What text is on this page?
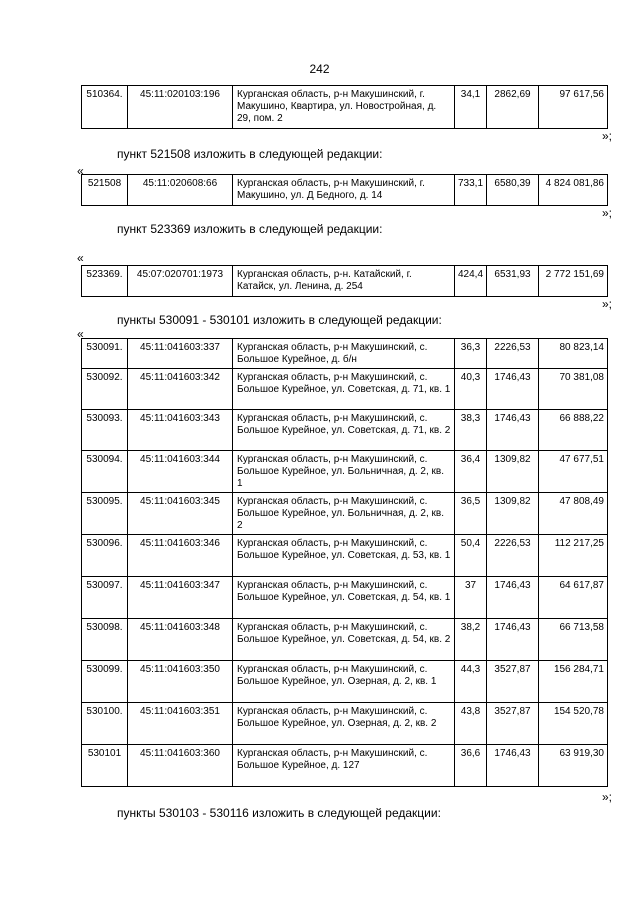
242
510364.	45:11:020103:196	Курганская область, р-н Макушинский, г. Макушино, Квартира, ул. Новостройная, д. 29, пом. 2	34,1	2862,69	97 617,56
»;
пункт 521508 изложить в следующей редакции:
«
521508	45:11:020608:66	Курганская область, р-н Макушинский, г. Макушино, ул. Д Бедного, д. 14	733,1	6580,39	4 824 081,86
»;
пункт 523369 изложить в следующей редакции:
«
523369.	45:07:020701:1973	Курганская область, р-н. Катайский, г. Катайск, ул. Ленина, д. 254	424,4	6531,93	2 772 151,69
»;
пункты 530091 - 530101 изложить в следующей редакции:
«
530091.	45:11:041603:337	Курганская область, р-н Макушинский, с. Большое Курейное, д. б/н	36,3	2226,53	80 823,14
530092.	45:11:041603:342	Курганская область, р-н Макушинский, с. Большое Курейное, ул. Советская, д. 71, кв. 1	40,3	1746,43	70 381,08
530093.	45:11:041603:343	Курганская область, р-н Макушинский, с. Большое Курейное, ул. Советская, д. 71, кв. 2	38,3	1746,43	66 888,22
530094.	45:11:041603:344	Курганская область, р-н Макушинский, с. Большое Курейное, ул. Больничная, д. 2, кв. 1	36,4	1309,82	47 677,51
530095.	45:11:041603:345	Курганская область, р-н Макушинский, с. Большое Курейное, ул. Больничная, д. 2, кв. 2	36,5	1309,82	47 808,49
530096.	45:11:041603:346	Курганская область, р-н Макушинский, с. Большое Курейное, ул. Советская, д. 53, кв. 1	50,4	2226,53	112 217,25
530097.	45:11:041603:347	Курганская область, р-н Макушинский, с. Большое Курейное, ул. Советская, д. 54, кв. 1	37	1746,43	64 617,87
530098.	45:11:041603:348	Курганская область, р-н Макушинский, с. Большое Курейное, ул. Советская, д. 54, кв. 2	38,2	1746,43	66 713,58
530099.	45:11:041603:350	Курганская область, р-н Макушинский, с. Большое Курейное, ул. Озерная, д. 2, кв. 1	44,3	3527,87	156 284,71
530100.	45:11:041603:351	Курганская область, р-н Макушинский, с. Большое Курейное, ул. Озерная, д. 2, кв. 2	43,8	3527,87	154 520,78
530101	45:11:041603:360	Курганская область, р-н Макушинский, с. Большое Курейное, д. 127	36,6	1746,43	63 919,30
»;
пункты 530103 - 530116 изложить в следующей редакции:
